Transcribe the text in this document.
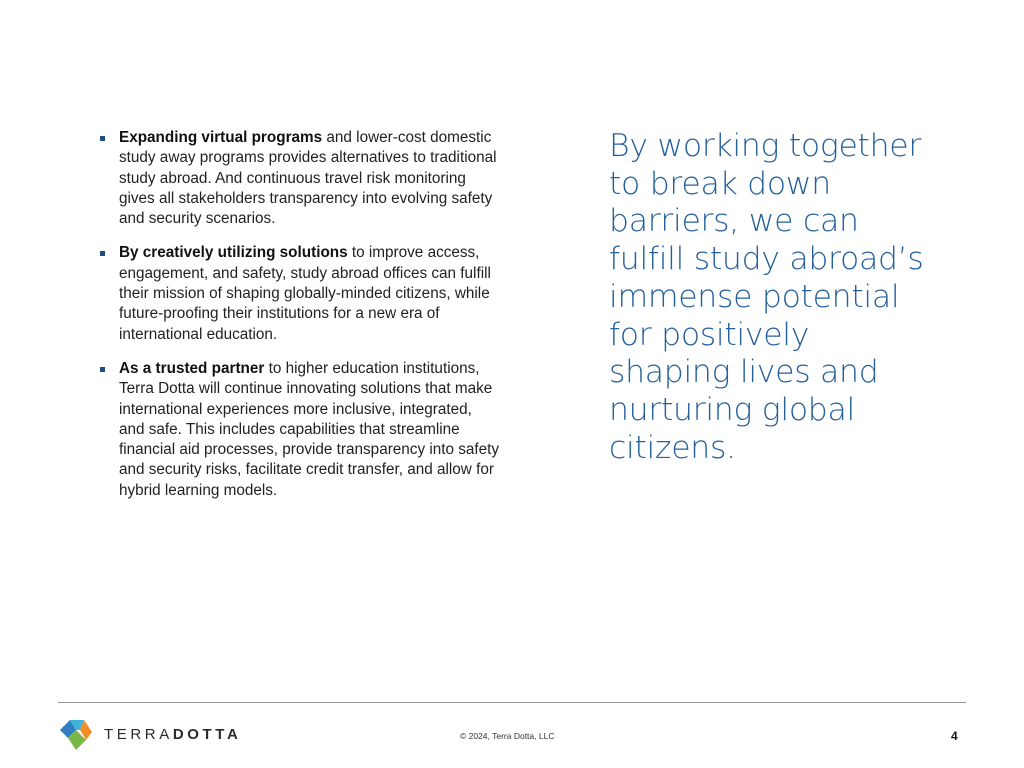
Expanding virtual programs and lower-cost domestic study away programs provides alternatives to traditional study abroad. And continuous travel risk monitoring gives all stakeholders transparency into evolving safety and security scenarios.
By creatively utilizing solutions to improve access, engagement, and safety, study abroad offices can fulfill their mission of shaping globally-minded citizens, while future-proofing their institutions for a new era of international education.
As a trusted partner to higher education institutions, Terra Dotta will continue innovating solutions that make international experiences more inclusive, integrated, and safe. This includes capabilities that streamline financial aid processes, provide transparency into safety and security risks, facilitate credit transfer, and allow for hybrid learning models.
By working together to break down barriers, we can fulfill study abroad’s immense potential for positively shaping lives and nurturing global citizens.
TERRADOTTA	© 2024, Terra Dotta, LLC	4
